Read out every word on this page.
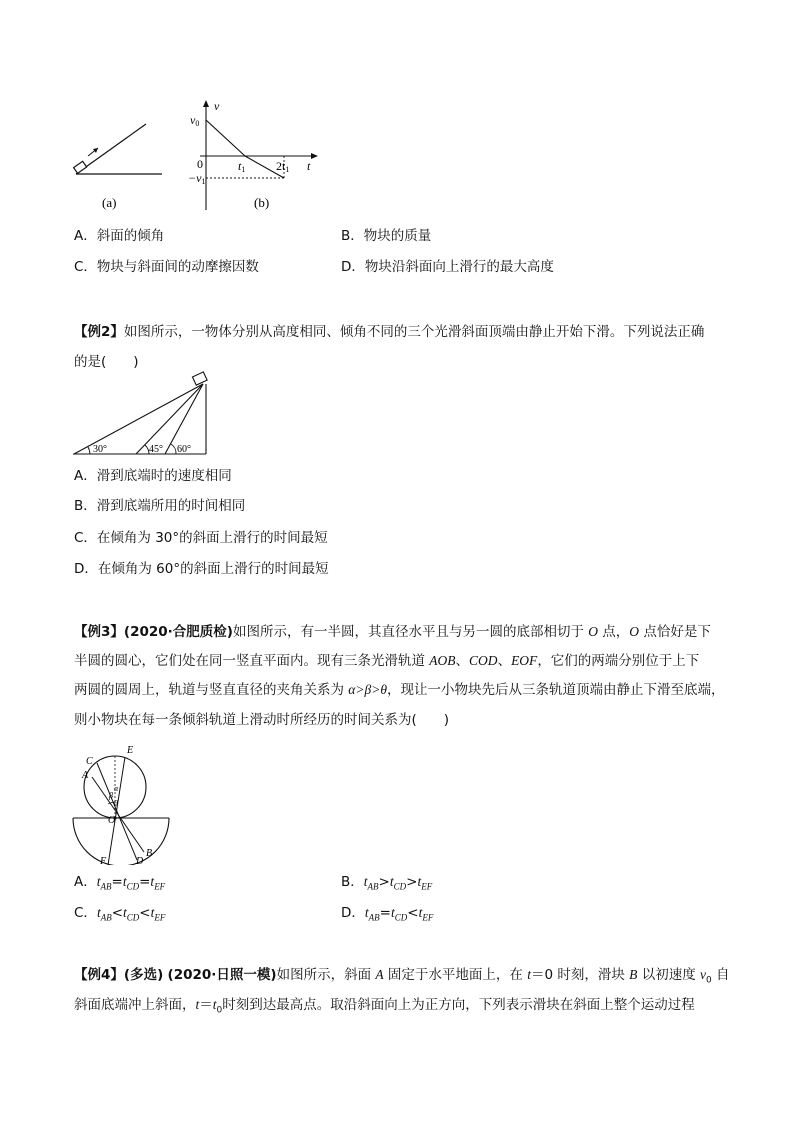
(a)
v
v0
0	t1	2t1 t
−v1
(b)
A．斜面的倾角	B．物块的质量
C．物块与斜面间的动摩擦因数	D．物块沿斜面向上滑行的最大高度
【例2】如图所示，一物体分别从高度相同、倾角不同的三个光滑斜面顶端由静止开始下滑。下列说法正确
的是(　　)
30°	45° 60°
A．滑到底端时的速度相同
B．滑到底端所用的时间相同
C．在倾角为 30°的斜面上滑行的时间最短
D．在倾角为 60°的斜面上滑行的时间最短
【例3】(2020·合肥质检)如图所示，有一半圆，其直径水平且与另一圆的底部相切于 O 点，O 点恰好是下
半圆的圆心，它们处在同一竖直平面内。现有三条光滑轨道 AOB、COD、EOF，它们的两端分别位于上下
两圆的圆周上，轨道与竖直直径的夹角关系为 α>β>θ，现让一小物块先后从三条轨道顶端由静止下滑至底端，
则小物块在每一条倾斜轨道上滑动时所经历的时间关系为(　　)
C
A
E
α
β
θ
O
B
D
F
A．$t_{AB}=t_{CD}=t_{EF}$	B．$t_{AB}>t_{CD}>t_{EF}$
C．$t_{AB}<t_{CD}<t_{EF}$	D．$t_{AB}=t_{CD}<t_{EF}$
【例4】(多选) (2020·日照一模)如图所示，斜面 A 固定于水平地面上，在 t＝0 时刻，滑块 B 以初速度 $v_0$ 自
斜面底端冲上斜面，$t=t_0$时刻到达最高点。取沿斜面向上为正方向，下列表示滑块在斜面上整个运动过程
